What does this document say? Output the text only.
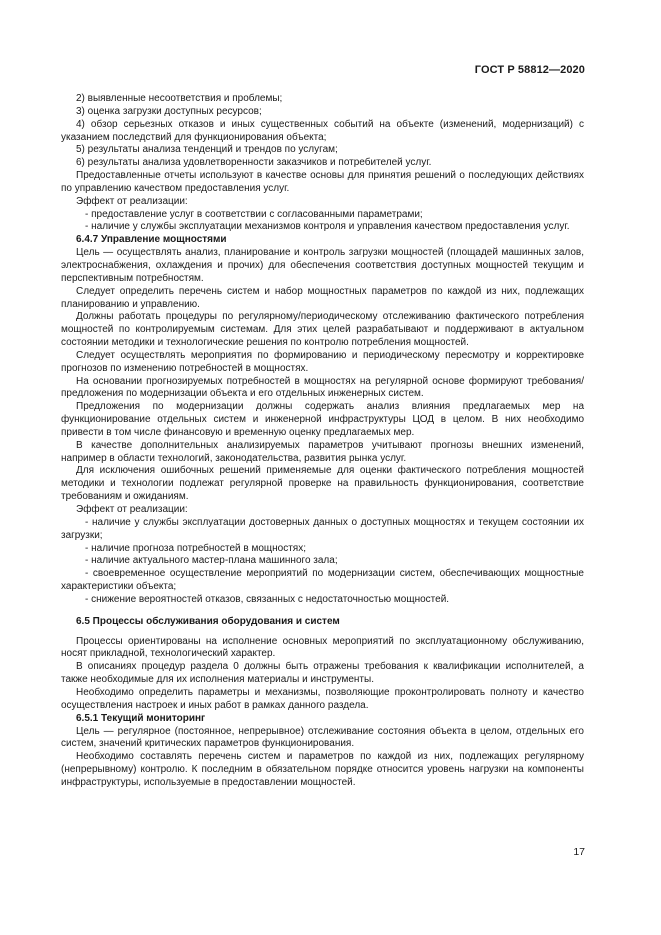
ГОСТ Р 58812—2020

2) выявленные несоответствия и проблемы;

3) оценка загрузки доступных ресурсов;

4) обзор серьезных отказов и иных существенных событий на объекте (изменений, модернизаций) с указанием последствий для функционирования объекта;

5) результаты анализа тенденций и трендов по услугам;

6) результаты анализа удовлетворенности заказчиков и потребителей услуг.

Предоставленные отчеты используют в качестве основы для принятия решений о последующих действиях по управлению качеством предоставления услуг.

Эффект от реализации:

- предоставление услуг в соответствии с согласованными параметрами;

- наличие у службы эксплуатации механизмов контроля и управления качеством предоставления услуг.

6.4.7 Управление мощностями

Цель — осуществлять анализ, планирование и контроль загрузки мощностей (площадей машинных залов, электроснабжения, охлаждения и прочих) для обеспечения соответствия доступных мощностей текущим и перспективным потребностям.

Следует определить перечень систем и набор мощностных параметров по каждой из них, подлежащих планированию и управлению.

Должны работать процедуры по регулярному/периодическому отслеживанию фактического потребления мощностей по контролируемым системам. Для этих целей разрабатывают и поддерживают в актуальном состоянии методики и технологические решения по контролю потребления мощностей.

Следует осуществлять мероприятия по формированию и периодическому пересмотру и корректировке прогнозов по изменению потребностей в мощностях.

На основании прогнозируемых потребностей в мощностях на регулярной основе формируют требования/предложения по модернизации объекта и его отдельных инженерных систем.

Предложения по модернизации должны содержать анализ влияния предлагаемых мер на функционирование отдельных систем и инженерной инфраструктуры ЦОД в целом. В них необходимо привести в том числе финансовую и временную оценку предлагаемых мер.

В качестве дополнительных анализируемых параметров учитывают прогнозы внешних изменений, например в области технологий, законодательства, развития рынка услуг.

Для исключения ошибочных решений применяемые для оценки фактического потребления мощностей методики и технологии подлежат регулярной проверке на правильность функционирования, соответствие требованиям и ожиданиям.

Эффект от реализации:

- наличие у службы эксплуатации достоверных данных о доступных мощностях и текущем состоянии их загрузки;

- наличие прогноза потребностей в мощностях;

- наличие актуального мастер-плана машинного зала;

- своевременное осуществление мероприятий по модернизации систем, обеспечивающих мощностные характеристики объекта;

- снижение вероятностей отказов, связанных с недостаточностью мощностей.

6.5 Процессы обслуживания оборудования и систем

Процессы ориентированы на исполнение основных мероприятий по эксплуатационному обслуживанию, носят прикладной, технологический характер.

В описаниях процедур раздела 0 должны быть отражены требования к квалификации исполнителей, а также необходимые для их исполнения материалы и инструменты.

Необходимо определить параметры и механизмы, позволяющие проконтролировать полноту и качество осуществления настроек и иных работ в рамках данного раздела.

6.5.1 Текущий мониторинг

Цель — регулярное (постоянное, непрерывное) отслеживание состояния объекта в целом, отдельных его систем, значений критических параметров функционирования.

Необходимо составлять перечень систем и параметров по каждой из них, подлежащих регулярному (непрерывному) контролю. К последним в обязательном порядке относится уровень нагрузки на компоненты инфраструктуры, используемые в предоставлении мощностей.

17
